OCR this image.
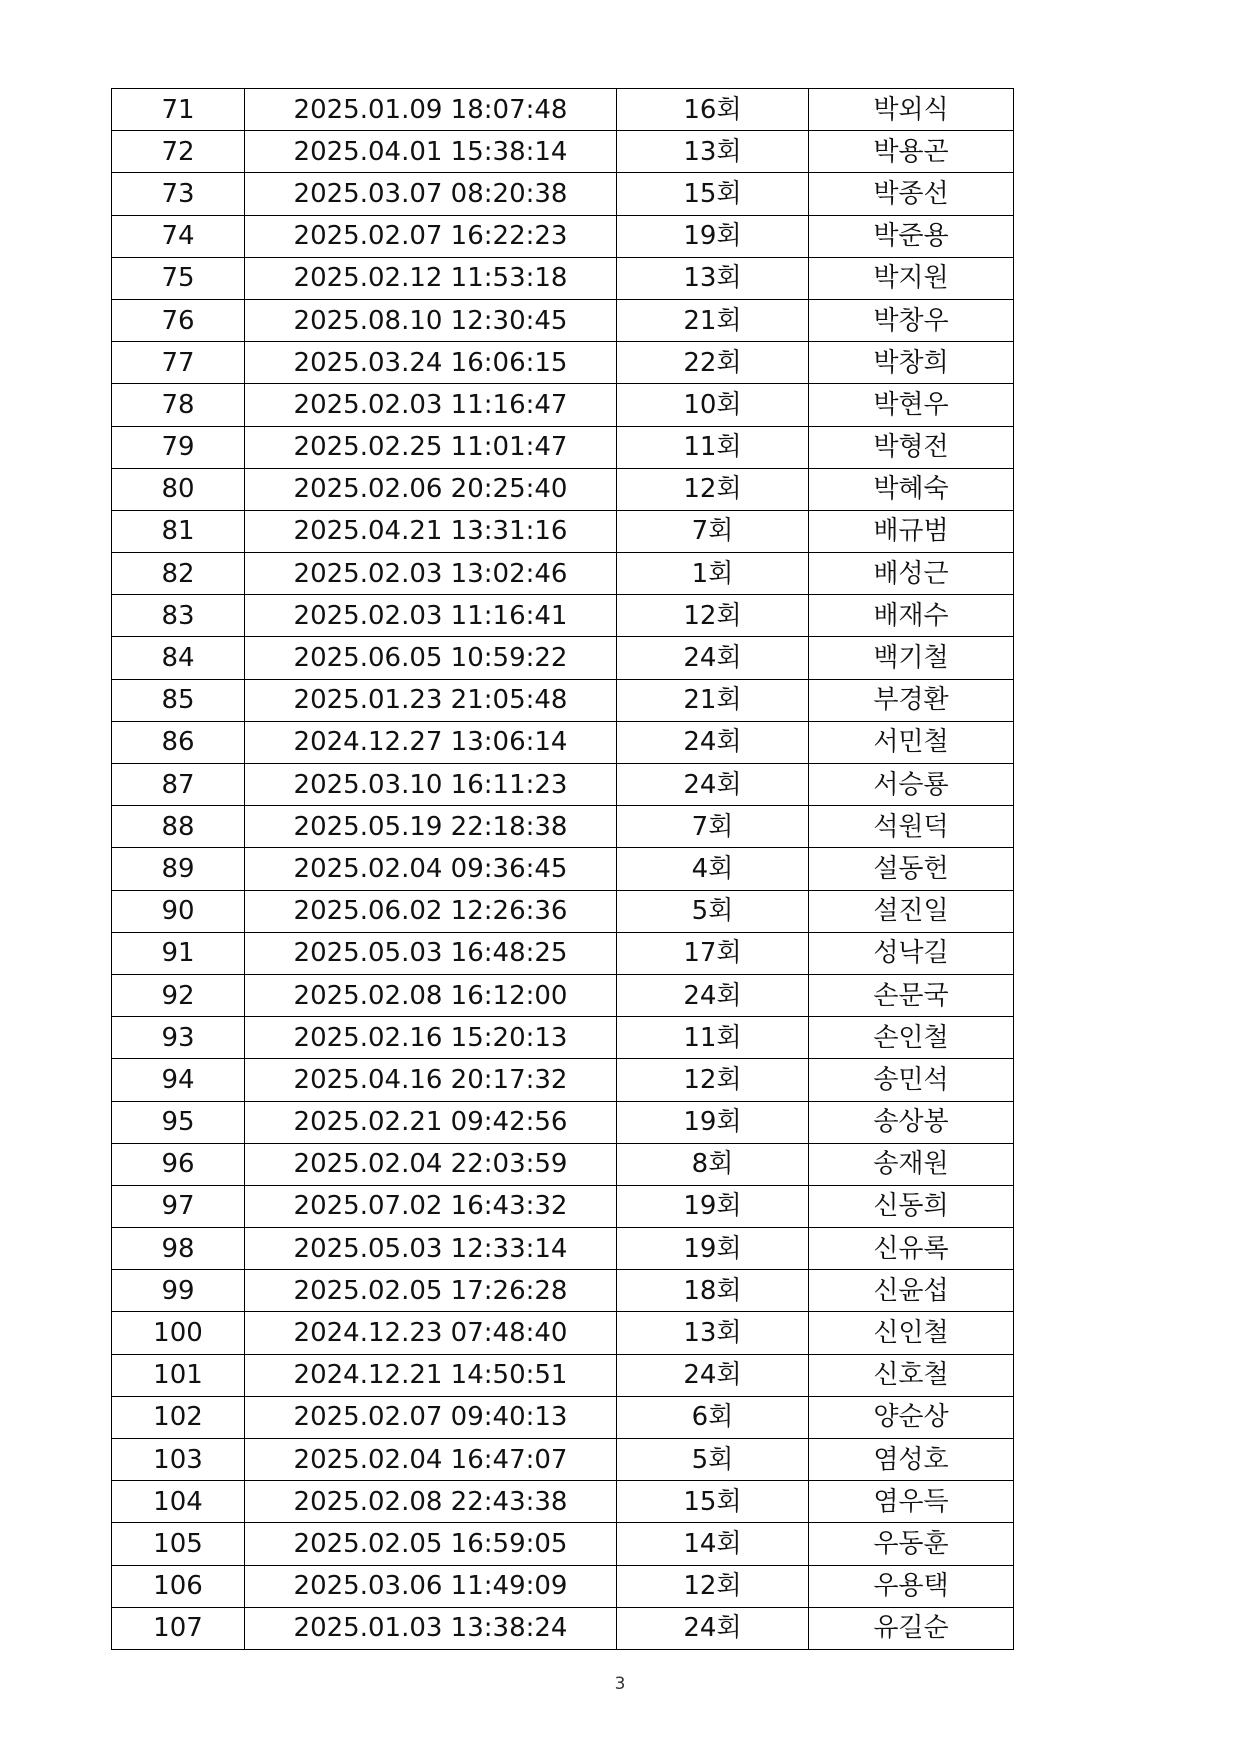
71	2025.01.09 18:07:48	16회	박외식
72	2025.04.01 15:38:14	13회	박용곤
73	2025.03.07 08:20:38	15회	박종선
74	2025.02.07 16:22:23	19회	박준용
75	2025.02.12 11:53:18	13회	박지원
76	2025.08.10 12:30:45	21회	박창우
77	2025.03.24 16:06:15	22회	박창희
78	2025.02.03 11:16:47	10회	박현우
79	2025.02.25 11:01:47	11회	박형전
80	2025.02.06 20:25:40	12회	박혜숙
81	2025.04.21 13:31:16	7회	배규범
82	2025.02.03 13:02:46	1회	배성근
83	2025.02.03 11:16:41	12회	배재수
84	2025.06.05 10:59:22	24회	백기철
85	2025.01.23 21:05:48	21회	부경환
86	2024.12.27 13:06:14	24회	서민철
87	2025.03.10 16:11:23	24회	서승룡
88	2025.05.19 22:18:38	7회	석원덕
89	2025.02.04 09:36:45	4회	설동헌
90	2025.06.02 12:26:36	5회	설진일
91	2025.05.03 16:48:25	17회	성낙길
92	2025.02.08 16:12:00	24회	손문국
93	2025.02.16 15:20:13	11회	손인철
94	2025.04.16 20:17:32	12회	송민석
95	2025.02.21 09:42:56	19회	송상봉
96	2025.02.04 22:03:59	8회	송재원
97	2025.07.02 16:43:32	19회	신동희
98	2025.05.03 12:33:14	19회	신유록
99	2025.02.05 17:26:28	18회	신윤섭
100	2024.12.23 07:48:40	13회	신인철
101	2024.12.21 14:50:51	24회	신호철
102	2025.02.07 09:40:13	6회	양순상
103	2025.02.04 16:47:07	5회	염성호
104	2025.02.08 22:43:38	15회	염우득
105	2025.02.05 16:59:05	14회	우동훈
106	2025.03.06 11:49:09	12회	우용택
107	2025.01.03 13:38:24	24회	유길순
3
